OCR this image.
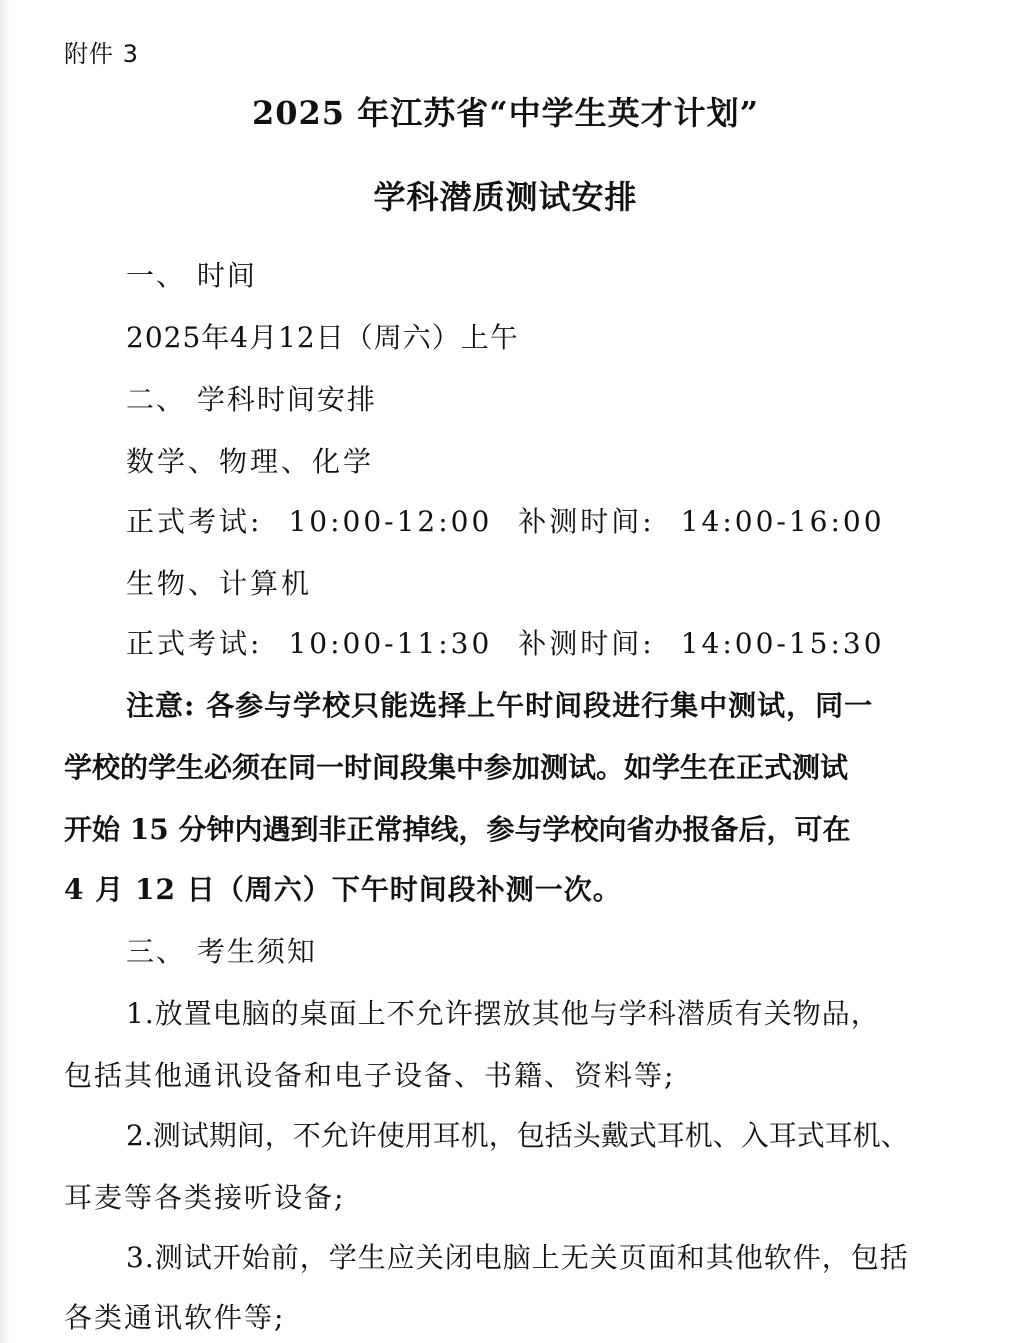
附件 3
2025 年江苏省“中学生英才计划”
学科潜质测试安排
一、 时间
2025年4月12日（周六）上午
二、 学科时间安排
数学、物理、化学
正式考试: 10:00-12:00 补测时间: 14:00-16:00
生物、计算机
正式考试: 10:00-11:30 补测时间: 14:00-15:30
注意: 各参与学校只能选择上午时间段进行集中测试，同一
学校的学生必须在同一时间段集中参加测试。如学生在正式测试
开始 15 分钟内遇到非正常掉线，参与学校向省办报备后，可在
4 月 12 日（周六）下午时间段补测一次。
三、 考生须知
1.放置电脑的桌面上不允许摆放其他与学科潜质有关物品，
包括其他通讯设备和电子设备、书籍、资料等;
2.测试期间，不允许使用耳机，包括头戴式耳机、入耳式耳机、
耳麦等各类接听设备;
3.测试开始前，学生应关闭电脑上无关页面和其他软件，包括
各类通讯软件等;
